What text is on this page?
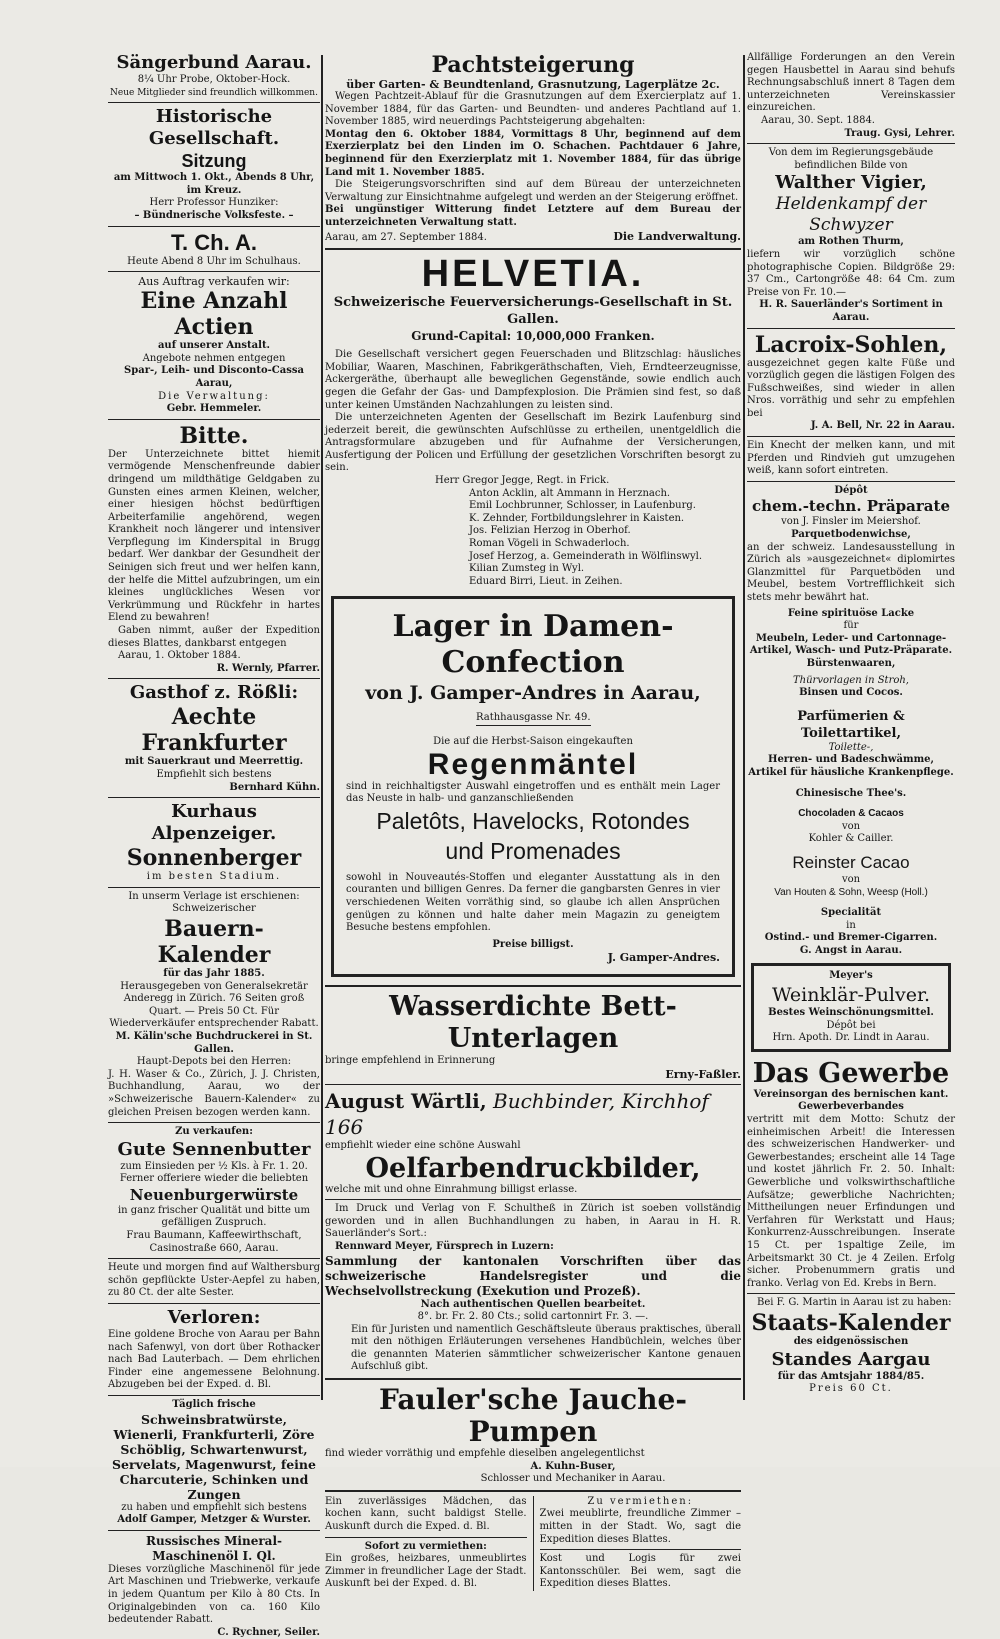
Sängerbund Aarau.

8¼ Uhr Probe, Oktober-Hock.

Neue Mitglieder sind freundlich willkommen.

Historische Gesellschaft.

Sitzung

am Mittwoch 1. Okt., Abends 8 Uhr,

im Kreuz.

Herr Professor Hunziker:

– Bündnerische Volksfeste. –

T. Ch. A.

Heute Abend 8 Uhr im Schulhaus.

Aus Auftrag verkaufen wir:

Eine Anzahl Actien

auf unserer Anstalt.

Angebote nehmen entgegen

Spar-, Leih- und Disconto-Cassa Aarau,

Die Verwaltung:

Gebr. Hemmeler.

Bitte.

Der Unterzeichnete bittet hiemit vermögende Menschenfreunde dabier dringend um mildthätige Geldgaben zu Gunsten eines armen Kleinen, welcher, einer hiesigen höchst bedürftigen Arbeiterfamilie angehörend, wegen Krankheit noch längerer und intensiver Verpflegung im Kinderspital in Brugg bedarf. Wer dankbar der Gesundheit der Seinigen sich freut und wer helfen kann, der helfe die Mittel aufzubringen, um ein kleines unglückliches Wesen vor Verkrümmung und Rückfehr in hartes Elend zu bewahren!

Gaben nimmt, außer der Expedition dieses Blattes, dankbarst entgegen

Aarau, 1. Oktober 1884.

R. Wernly, Pfarrer.

Gasthof z. Rößli:

Aechte Frankfurter

mit Sauerkraut und Meerrettig.

Empfiehlt sich bestens

Bernhard Kühn.

Kurhaus Alpenzeiger.

Sonnenberger

im besten Stadium.

In unserm Verlage ist erschienen:

Schweizerischer

Bauern-Kalender

für das Jahr 1885.

Herausgegeben von Generalsekretär Anderegg in Zürich. 76 Seiten groß Quart. — Preis 50 Ct. Für Wiederverkäufer entsprechender Rabatt.

M. Kälin'sche Buchdruckerei in St. Gallen.

Haupt-Depots bei den Herren:

J. H. Waser & Co., Zürich, J. J. Christen, Buchhandlung, Aarau, wo der »Schweizerische Bauern-Kalender« zu gleichen Preisen bezogen werden kann.

Zu verkaufen:

Gute Sennenbutter

zum Einsieden per ½ Kls. à Fr. 1. 20. Ferner offeriere wieder die beliebten

Neuenburgerwürste

in ganz frischer Qualität und bitte um gefälligen Zuspruch.

Frau Baumann, Kaffeewirthschaft, Casinostraße 660, Aarau.

Heute und morgen find auf Walthersburg schön gepflückte Uster-Aepfel zu haben, zu 80 Ct. der alte Sester.

Verloren:

Eine goldene Broche von Aarau per Bahn nach Safenwyl, von dort über Rothacker nach Bad Lauterbach. — Dem ehrlichen Finder eine angemessene Belohnung. Abzugeben bei der Exped. d. Bl.

Täglich frische

Schweinsbratwürste, Wienerli, Frankfurterli, Zöre Schöblig, Schwartenwurst, Servelats, Magenwurst, feine Charcuterie, Schinken und Zungen

zu haben und empfiehlt sich bestens

Adolf Gamper, Metzger & Wurster.

Russisches Mineral-Maschinenöl I. Ql.

Dieses vorzügliche Maschinenöl für jede Art Maschinen und Triebwerke, verkaufe in jedem Quantum per Kilo à 80 Cts. In Originalgebinden von ca. 160 Kilo bedeutender Rabatt.

C. Rychner, Seiler.

Pachtsteigerung

über Garten- & Beundtenland, Grasnutzung, Lagerplätze 2c.

Wegen Pachtzeit-Ablauf für die Grasnutzungen auf dem Exercierplatz auf 1. November 1884, für das Garten- und Beundten- und anderes Pachtland auf 1. November 1885, wird neuerdings Pachtsteigerung abgehalten:

Montag den 6. Oktober 1884, Vormittags 8 Uhr, beginnend auf dem Exerzierplatz bei den Linden im O. Schachen. Pachtdauer 6 Jahre, beginnend für den Exerzierplatz mit 1. November 1884, für das übrige Land mit 1. November 1885.

Die Steigerungsvorschriften sind auf dem Büreau der unterzeichneten Verwaltung zur Einsichtnahme aufgelegt und werden an der Steigerung eröffnet.

Bei ungünstiger Witterung findet Letztere auf dem Bureau der unterzeichneten Verwaltung statt.

Aarau, am 27. September 1884.	Die Landverwaltung.

HELVETIA.

Schweizerische Feuerversicherungs-Gesellschaft in St. Gallen.

Grund-Capital: 10,000,000 Franken.

Die Gesellschaft versichert gegen Feuerschaden und Blitzschlag: häusliches Mobiliar, Waaren, Maschinen, Fabrikgeräthschaften, Vieh, Erndteerzeugnisse, Ackergeräthe, überhaupt alle beweglichen Gegenstände, sowie endlich auch gegen die Gefahr der Gas- und Dampfexplosion. Die Prämien sind fest, so daß unter keinen Umständen Nachzahlungen zu leisten sind.

Die unterzeichneten Agenten der Gesellschaft im Bezirk Laufenburg sind jederzeit bereit, die gewünschten Aufschlüsse zu ertheilen, unentgeldlich die Antragsformulare abzugeben und für Aufnahme der Versicherungen, Ausfertigung der Policen und Erfüllung der gesetzlichen Vorschriften besorgt zu sein.

Herr Gregor Jegge, Regt. in Frick.

Anton Acklin, alt Ammann in Herznach.

Emil Lochbrunner, Schlosser, in Laufenburg.

K. Zehnder, Fortbildungslehrer in Kaisten.

Jos. Felizian Herzog in Oberhof.

Roman Vögeli in Schwaderloch.

Josef Herzog, a. Gemeinderath in Wölflinswyl.

Kilian Zumsteg in Wyl.

Eduard Birri, Lieut. in Zeihen.

Lager in Damen-Confection

von J. Gamper-Andres in Aarau,

Rathhausgasse Nr. 49.

Die auf die Herbst-Saison eingekauften

Regenmäntel

sind in reichhaltigster Auswahl eingetroffen und es enthält mein Lager das Neuste in halb- und ganzanschließenden

Paletôts, Havelocks, Rotondes

und Promenades

sowohl in Nouveautés-Stoffen und eleganter Ausstattung als in den couranten und billigen Genres. Da ferner die gangbarsten Genres in vier verschiedenen Weiten vorräthig sind, so glaube ich allen Ansprüchen genügen zu können und halte daher mein Magazin zu geneigtem Besuche bestens empfohlen.

Preise billigst.

J. Gamper-Andres.

Wasserdichte Bett-Unterlagen

bringe empfehlend in Erinnerung

Erny-Faßler.

August Wärtli, Buchbinder, Kirchhof 166

empfiehlt wieder eine schöne Auswahl

Oelfarbendruckbilder,

welche mit und ohne Einrahmung billigst erlasse.

Im Druck und Verlag von F. Schultheß in Zürich ist soeben vollständig geworden und in allen Buchhandlungen zu haben, in Aarau in H. R. Sauerländer's Sort.:

Rennward Meyer, Fürsprech in Luzern:

Sammlung der kantonalen Vorschriften über das schweizerische Handelsregister und die Wechselvollstreckung (Exekution und Prozeß).

Nach authentischen Quellen bearbeitet.

8°. br. Fr. 2. 80 Cts.; solid cartonnirt Fr. 3. —.

Ein für Juristen und namentlich Geschäftsleute überaus praktisches, überall mit den nöthigen Erläuterungen versehenes Handbüchlein, welches über die genannten Materien sämmtlicher schweizerischer Kantone genauen Aufschluß gibt.

Fauler'sche Jauche-Pumpen

find wieder vorräthig und empfehle dieselben angelegentlichst

A. Kuhn-Buser,

Schlosser und Mechaniker in Aarau.

Ein zuverlässiges Mädchen, das kochen kann, sucht baldigst Stelle. Auskunft durch die Exped. d. Bl.

Sofort zu vermiethen:

Ein großes, heizbares, unmeublirtes Zimmer in freundlicher Lage der Stadt. Auskunft bei der Exped. d. Bl.

Zu vermiethen:

Zwei meublirte, freundliche Zimmer – mitten in der Stadt. Wo, sagt die Expedition dieses Blattes.

Kost und Logis für zwei Kantonsschüler. Bei wem, sagt die Expedition dieses Blattes.

Allfällige Forderungen an den Verein gegen Hausbettel in Aarau sind behufs Rechnungsabschluß innert 8 Tagen dem unterzeichneten Vereinskassier einzureichen.

Aarau, 30. Sept. 1884.

Traug. Gysi, Lehrer.

Von dem im Regierungsgebäude befindlichen Bilde von

Walther Vigier,

Heldenkampf der Schwyzer

am Rothen Thurm,

liefern wir vorzüglich schöne photographische Copien. Bildgröße 29: 37 Cm., Cartongröße 48: 64 Cm. zum Preise von Fr. 10.—

H. R. Sauerländer's Sortiment in Aarau.

Lacroix-Sohlen,

ausgezeichnet gegen kalte Füße und vorzüglich gegen die lästigen Folgen des Fußschweißes, sind wieder in allen Nros. vorräthig und sehr zu empfehlen bei

J. A. Bell, Nr. 22 in Aarau.

Ein Knecht der melken kann, und mit Pferden und Rindvieh gut umzugehen weiß, kann sofort eintreten.

Dépôt

chem.-techn. Präparate

von J. Finsler im Meiershof.

Parquetbodenwichse,

an der schweiz. Landesausstellung in Zürich als »ausgezeichnet« diplomirtes Glanzmittel für Parquetböden und Meubel, bestem Vortrefflichkeit sich stets mehr bewährt hat.

Feine spirituöse Lacke

für

Meubeln, Leder- und Cartonnage-Artikel, Wasch- und Putz-Präparate.

Bürstenwaaren,

Thürvorlagen in Stroh,

Binsen und Cocos.

Parfümerien & Toilettartikel,

Toilette-,

Herren- und Badeschwämme,

Artikel für häusliche Krankenpflege.

Chinesische Thee's.

Chocoladen & Cacaos

von

Kohler & Cailler.

Reinster Cacao

von

Van Houten & Sohn, Weesp (Holl.)

Specialität

in

Ostind.- und Bremer-Cigarren.

G. Angst in Aarau.

Meyer's

Weinklär-Pulver.

Bestes Weinschönungsmittel.

Dépôt bei

Hrn. Apoth. Dr. Lindt in Aarau.

Das Gewerbe

Vereinsorgan des bernischen kant. Gewerbeverbandes

vertritt mit dem Motto: Schutz der einheimischen Arbeit! die Interessen des schweizerischen Handwerker- und Gewerbestandes; erscheint alle 14 Tage und kostet jährlich Fr. 2. 50. Inhalt: Gewerbliche und volkswirthschaftliche Aufsätze; gewerbliche Nachrichten; Mittheilungen neuer Erfindungen und Verfahren für Werkstatt und Haus; Konkurrenz-Ausschreibungen. Inserate 15 Ct. per 1spaltige Zeile, im Arbeitsmarkt 30 Ct. je 4 Zeilen. Erfolg sicher. Probenummern gratis und franko. Verlag von Ed. Krebs in Bern.

Bei F. G. Martin in Aarau ist zu haben:

Staats-Kalender

des eidgenössischen

Standes Aargau

für das Amtsjahr 1884/85.

Preis 60 Ct.
